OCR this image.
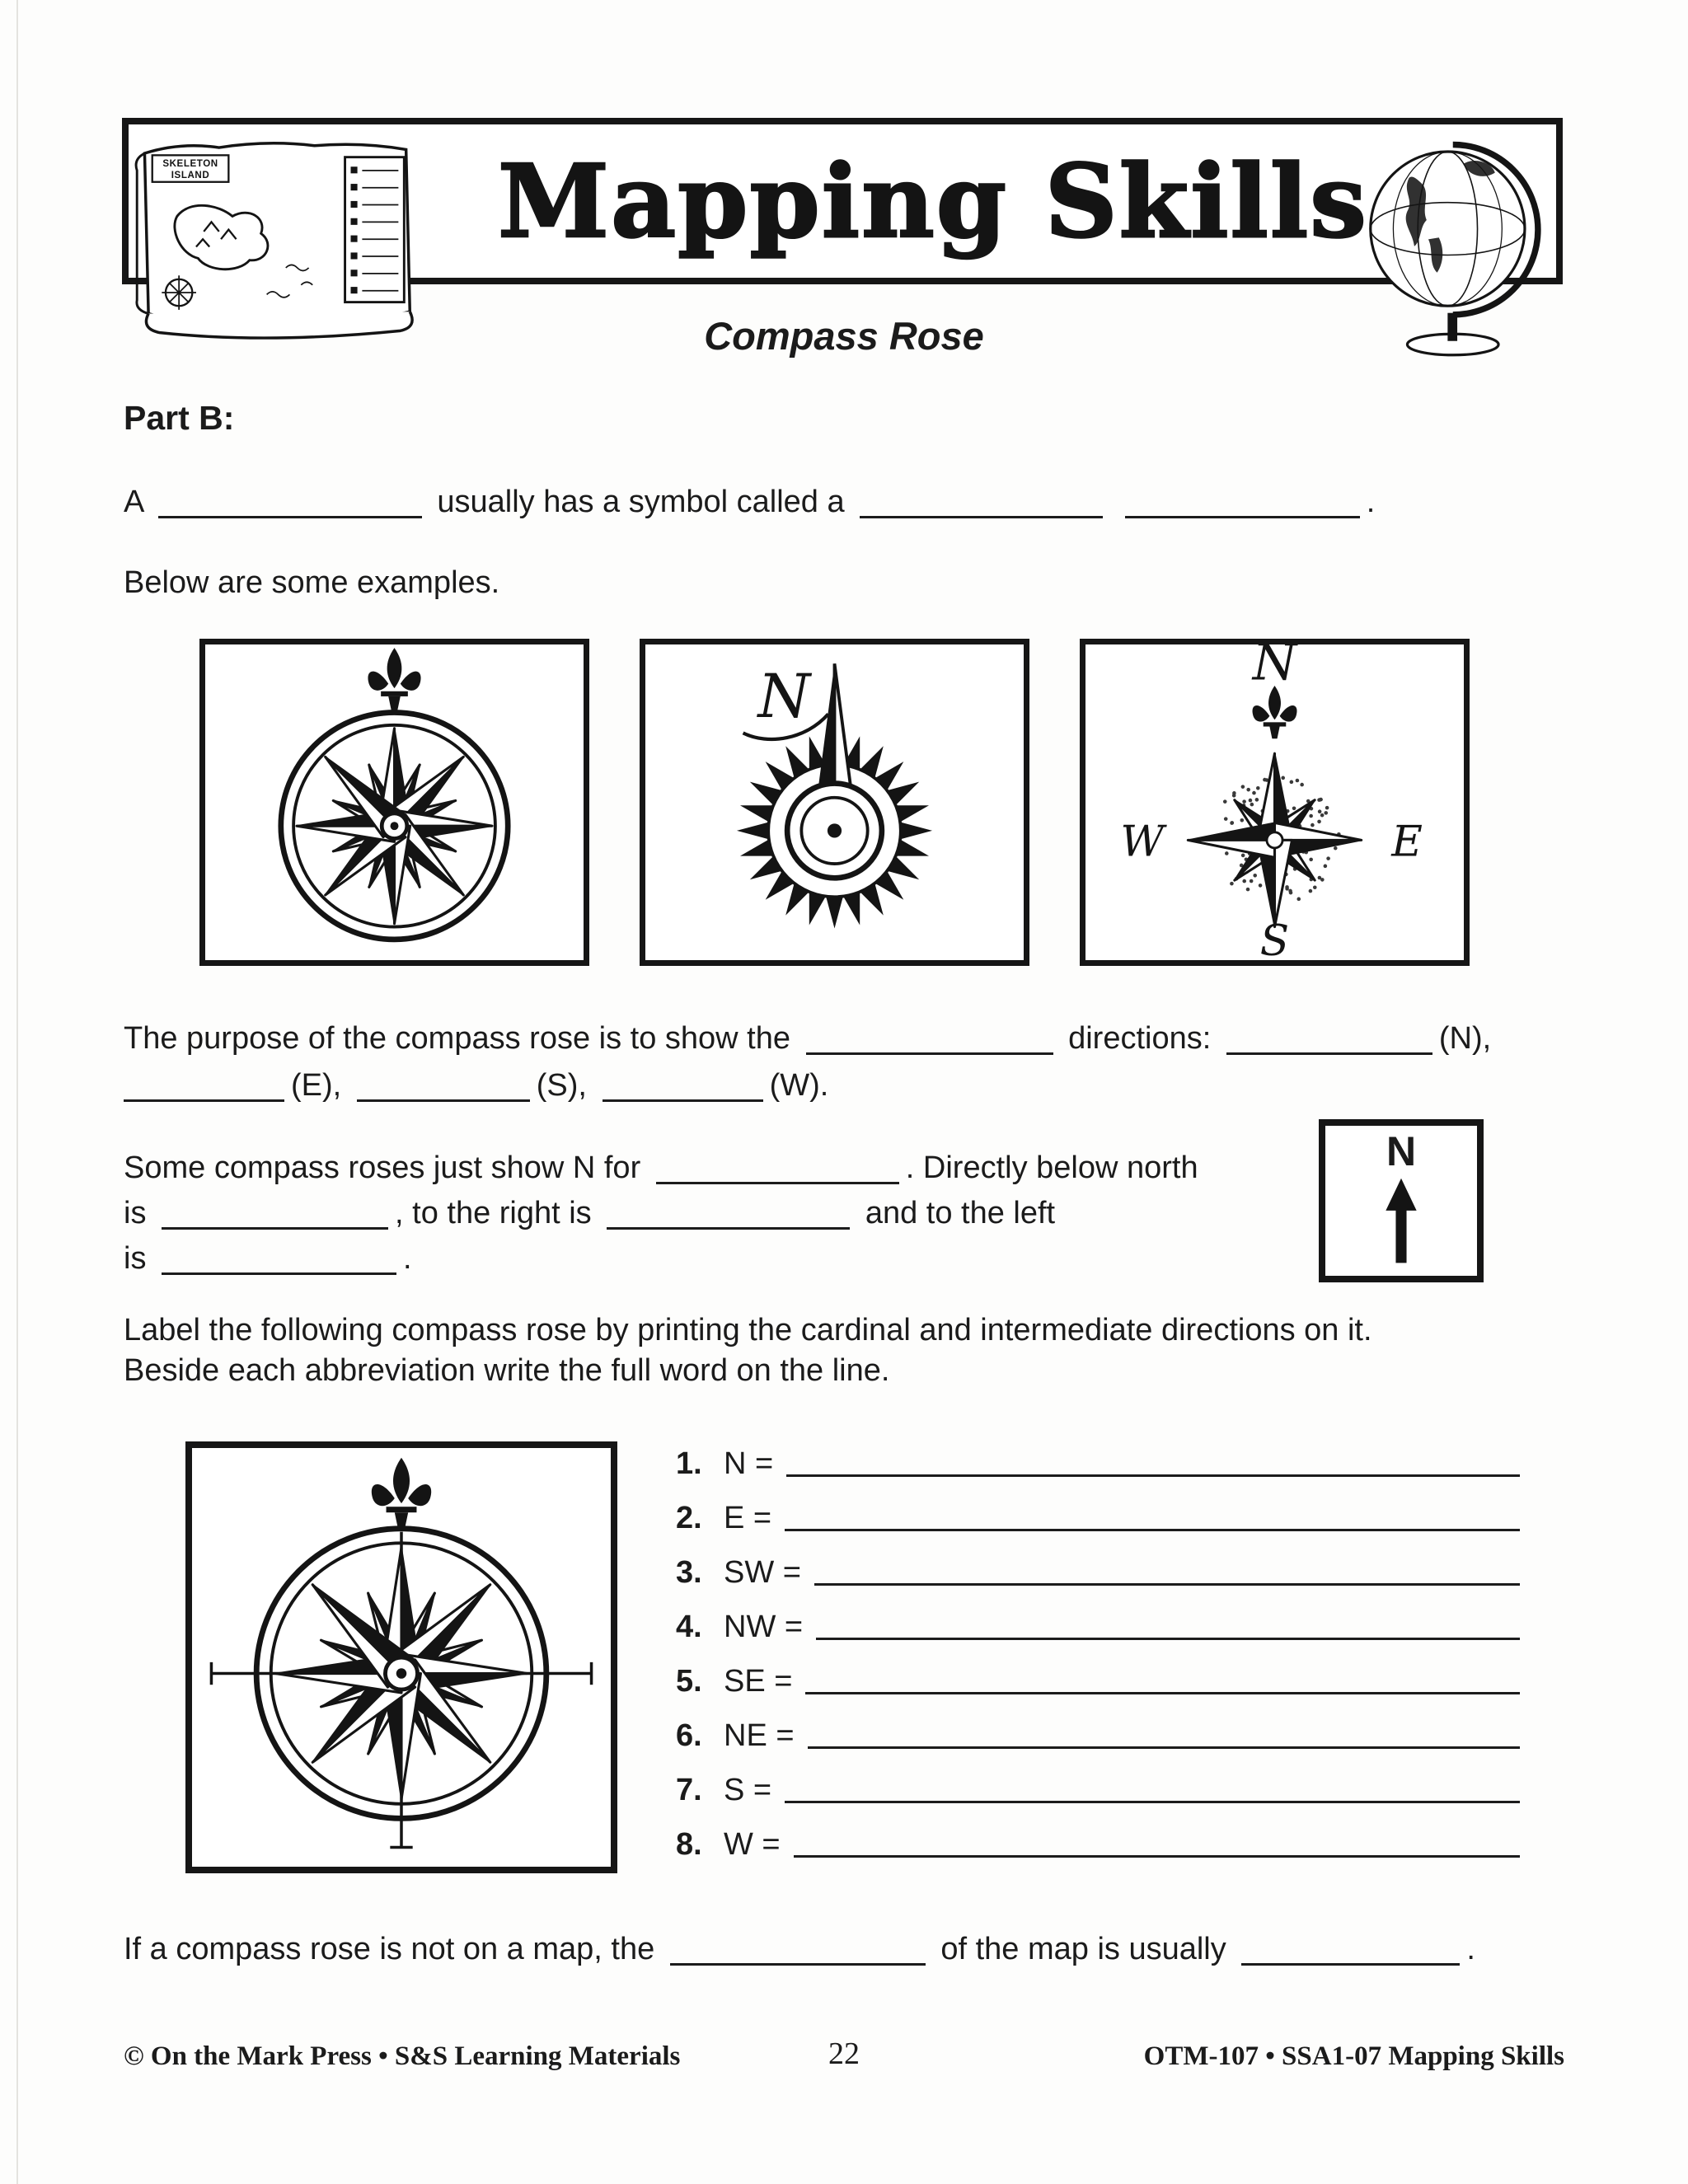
Mapping Skills
SKELETON
ISLAND
Compass Rose
Part B:

A	usually has a symbol called a	.

Below are some examples.

N
N
W	E
S
The purpose of the compass rose is to show the	directions:	(N),
(E),	(S),	(W).
Some compass roses just show N for	. Directly below north
is	, to the right is	and to the left
is	.
N
Label the following compass rose by printing the cardinal and intermediate directions on it.
Beside each abbreviation write the full word on the line.
1. N =
2. E =
3. SW =
4. NW =
5. SE =
6. NE =
7. S =
8. W =

If a compass rose is not on a map, the	of the map is usually	.

© On the Mark Press • S&S Learning Materials	22	OTM-107 • SSA1-07 Mapping Skills
